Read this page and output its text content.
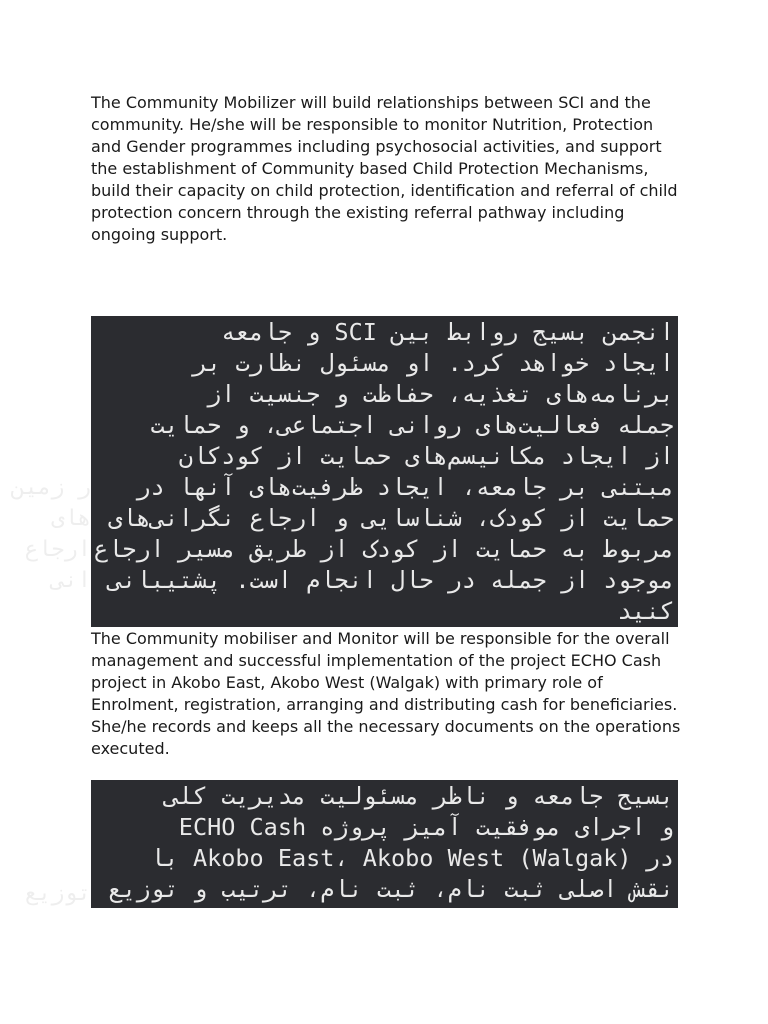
The Community Mobilizer will build relationships between SCI and the community. He/she will be responsible to monitor Nutrition, Protection and Gender programmes including psychosocial activities, and support the establishment of Community based Child Protection Mechanisms, build their capacity on child protection, identification and referral of child protection concern through the existing referral pathway including ongoing support.

انجمن بسیج روابط بین SCI و جامعه

ایجاد خواهد کرد. او مسئول نظارت بر

برنامه‌های تغذیه، حفاظت و جنسیت از

جمله فعالیت‌های روانی اجتماعی، و حمایت

از ایجاد مکانیسم‌های حمایت از کودکان

مبتنی بر جامعه، ایجاد ظرفیت‌های آنها در

حمایت از کودک، شناسایی و ارجاع نگرانی‌های

مربوط به حمایت از کودک از طریق مسیر ارجاع

موجود از جمله در حال انجام است. پشتیبانی

کنید

ر زمین
‌های
ارجاع
انی

The Community mobiliser and Monitor will be responsible for the overall management and successful implementation of the project ECHO Cash project in Akobo East, Akobo West (Walgak) with primary role of Enrolment, registration, arranging and distributing cash for beneficiaries. She/he records and keeps all the necessary documents on the operations executed.

بسیج جامعه و ناظر مسئولیت مدیریت کلی

و اجرای موفقیت آمیز پروژه ECHO Cash

در Akobo East، Akobo West (Walgak) با

نقش اصلی ثبت نام، ثبت نام، ترتیب و توزیع

توزیع
